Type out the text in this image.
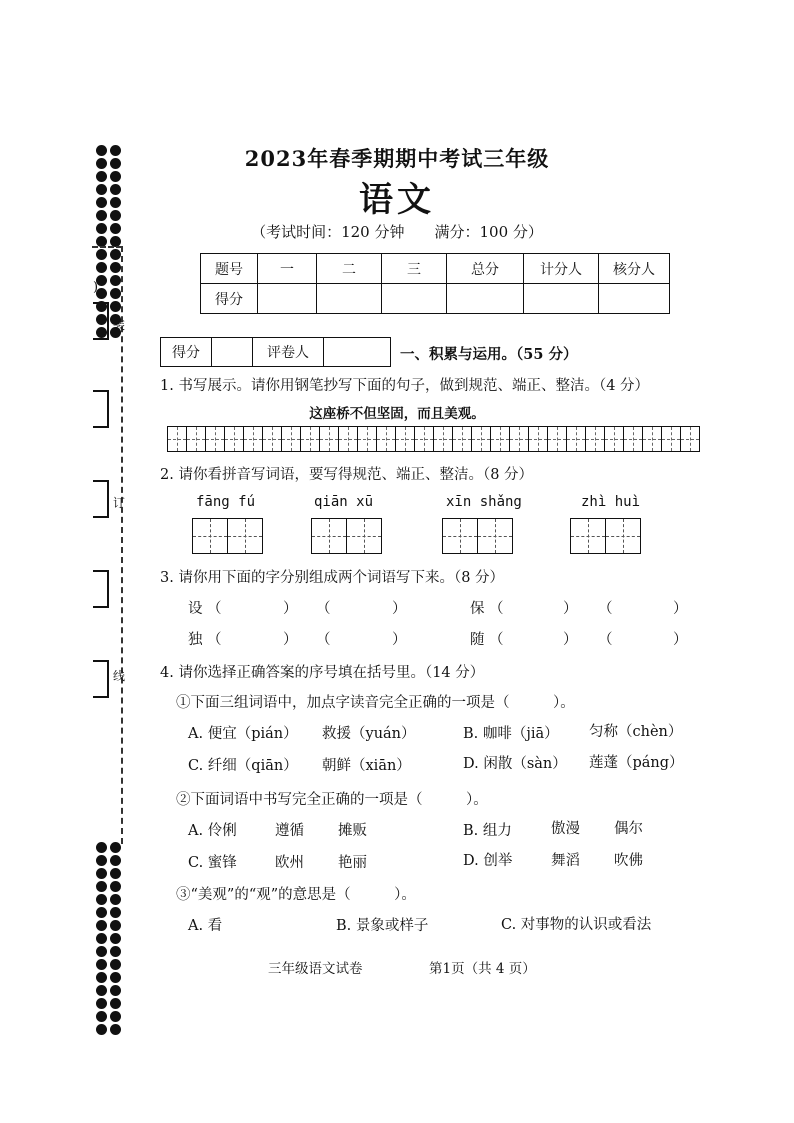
)
装
订
线
2023年春季期期中考试三年级
语文
（考试时间：120 分钟　　满分：100 分）
题号	一	二	三	总分	计分人	核分人
得分						
得分		评卷人		一、积累与运用。（55 分）
1. 书写展示。请你用钢笔抄写下面的句子，做到规范、端正、整洁。（4 分）
这座桥不但坚固，而且美观。
2. 请你看拼音写词语，要写得规范、端正、整洁。（8 分）
fāng fú	qiān xū	xīn shǎng	zhì huì
3. 请你用下面的字分别组成两个词语写下来。（8 分）
设 （	） （	）	保 （	） （	）
独 （	） （	）	随 （	） （	）
4. 请你选择正确答案的序号填在括号里。（14 分）
①下面三组词语中，加点字读音完全正确的一项是（　　　）。
A. 便宜（pián） 救援（yuán）	B. 咖啡（jiā） 匀称（chèn）
C. 纤细（qiān） 朝鲜（xiān）	D. 闲散（sàn） 莲蓬（páng）
②下面词语中书写完全正确的一项是（　　　）。
A. 伶俐	遵循 摊贩	B. 组力	傲漫 偶尔
C. 蜜锋	欧州 艳丽	D. 创举	舞滔 吹佛
③“美观”的“观”的意思是（　　　）。
A. 看	B. 景象或样子	C. 对事物的认识或看法
三年级语文试卷	第1页（共 4 页）
